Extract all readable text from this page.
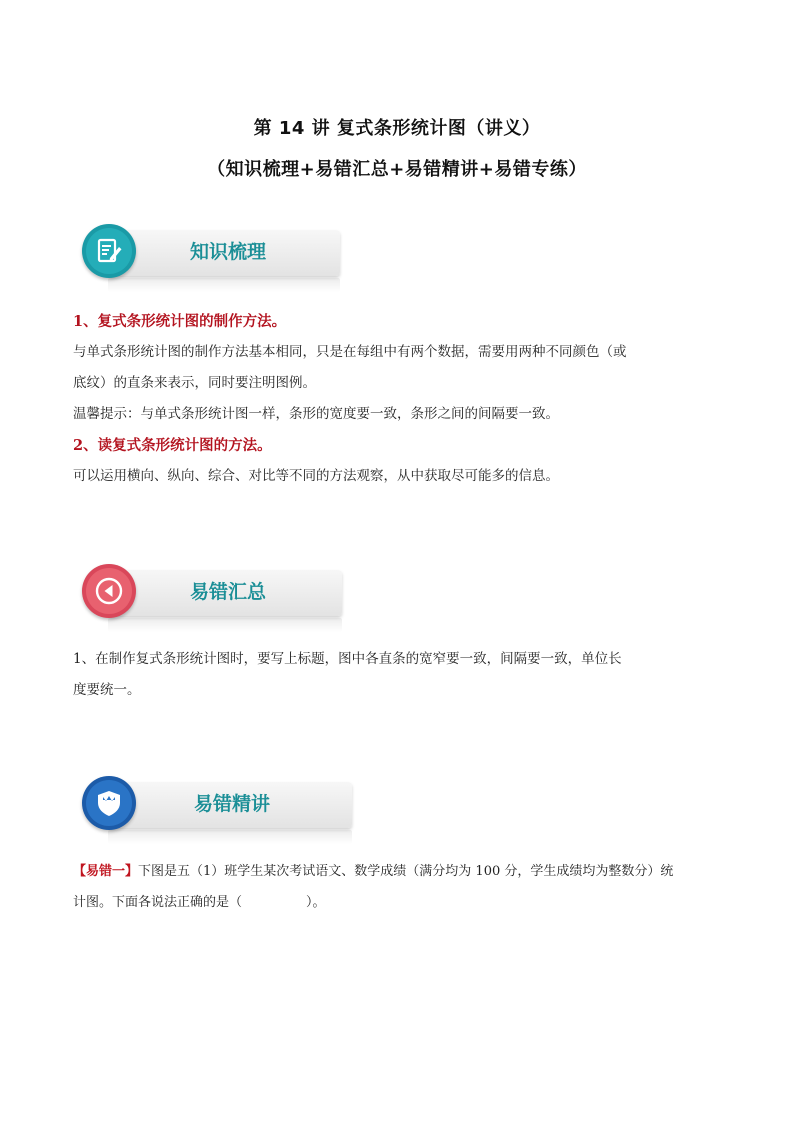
第 14 讲 复式条形统计图（讲义）
（知识梳理+易错汇总+易错精讲+易错专练）
知识梳理
1、复式条形统计图的制作方法。
与单式条形统计图的制作方法基本相同，只是在每组中有两个数据，需要用两种不同颜色（或
底纹）的直条来表示，同时要注明图例。
温馨提示：与单式条形统计图一样，条形的宽度要一致，条形之间的间隔要一致。
2、读复式条形统计图的方法。
可以运用横向、纵向、综合、对比等不同的方法观察，从中获取尽可能多的信息。
易错汇总
1、在制作复式条形统计图时，要写上标题，图中各直条的宽窄要一致，间隔要一致，单位长
度要统一。
易错精讲
【易错一】下图是五（1）班学生某次考试语文、数学成绩（满分均为 100 分，学生成绩均为整数分）统
计图。下面各说法正确的是（	）。
